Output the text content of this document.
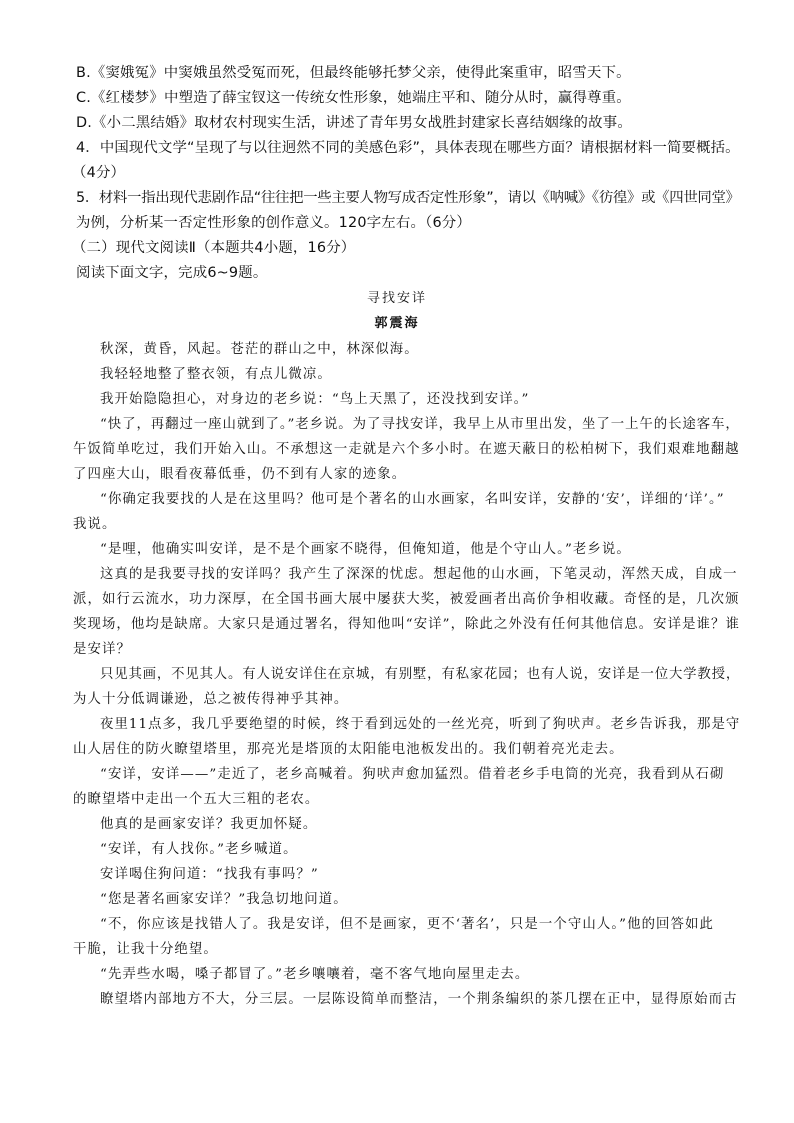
B.《窦娥冤》中窦娥虽然受冤而死，但最终能够托梦父亲，使得此案重审，昭雪天下。
C.《红楼梦》中塑造了薛宝钗这一传统女性形象，她端庄平和、随分从时，赢得尊重。
D.《小二黑结婚》取材农村现实生活，讲述了青年男女战胜封建家长喜结姻缘的故事。
4．中国现代文学“呈现了与以往迥然不同的美感色彩”，具体表现在哪些方面？请根据材料一简要概括。
（4分）
5．材料一指出现代悲剧作品“往往把一些主要人物写成否定性形象”，请以《呐喊》《彷徨》或《四世同堂》
为例，分析某一否定性形象的创作意义。120字左右。（6分）
（二）现代文阅读Ⅱ（本题共4小题，16分）
阅读下面文字，完成6~9题。
寻找安详
郭震海
秋深，黄昏，风起。苍茫的群山之中，林深似海。
我轻轻地整了整衣领，有点儿微凉。
我开始隐隐担心，对身边的老乡说：“鸟上天黑了，还没找到安详。”
“快了，再翻过一座山就到了。”老乡说。为了寻找安详，我早上从市里出发，坐了一上午的长途客车，
午饭简单吃过，我们开始入山。不承想这一走就是六个多小时。在遮天蔽日的松柏树下，我们艰难地翻越
了四座大山，眼看夜幕低垂，仍不到有人家的迹象。
“你确定我要找的人是在这里吗？他可是个著名的山水画家，名叫安详，安静的‘安’，详细的‘详’。”
我说。
“是哩，他确实叫安详，是不是个画家不晓得，但俺知道，他是个守山人。”老乡说。
这真的是我要寻找的安详吗？我产生了深深的忧虑。想起他的山水画，下笔灵动，浑然天成，自成一
派，如行云流水，功力深厚，在全国书画大展中屡获大奖，被爱画者出高价争相收藏。奇怪的是，几次颁
奖现场，他均是缺席。大家只是通过署名，得知他叫“安详”，除此之外没有任何其他信息。安详是谁？谁
是安详？
只见其画，不见其人。有人说安详住在京城，有别墅，有私家花园；也有人说，安详是一位大学教授，
为人十分低调谦逊，总之被传得神乎其神。
夜里11点多，我几乎要绝望的时候，终于看到远处的一丝光亮，听到了狗吠声。老乡告诉我，那是守
山人居住的防火瞭望塔里，那亮光是塔顶的太阳能电池板发出的。我们朝着亮光走去。
“安详，安详——”走近了，老乡高喊着。狗吠声愈加猛烈。借着老乡手电筒的光亮，我看到从石砌
的瞭望塔中走出一个五大三粗的老农。
他真的是画家安详？我更加怀疑。
“安详，有人找你。”老乡喊道。
安详喝住狗问道：“找我有事吗？”
“您是著名画家安详？”我急切地问道。
“不，你应该是找错人了。我是安详，但不是画家，更不‘著名’，只是一个守山人。”他的回答如此
干脆，让我十分绝望。
“先弄些水喝，嗓子都冒了。”老乡嚷嚷着，毫不客气地向屋里走去。
瞭望塔内部地方不大，分三层。一层陈设简单而整洁，一个荆条编织的茶几摆在正中，显得原始而古
